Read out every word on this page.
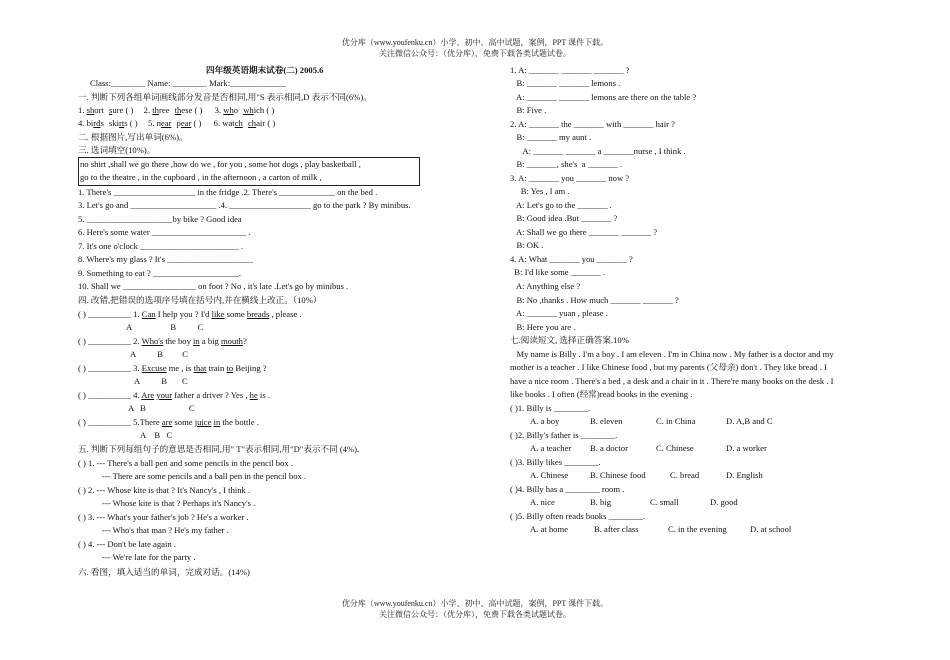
优分库（www.youfenku.cn）小学、初中、高中试题，案例，PPT 课件下载。
关注微信公众号：（优分库），免费下载各类试题试卷。
四年级英语期末试卷(二) 2005.6
Class:________ Name: ________ Mark:_____________
一. 判断下列各组单词画线部分发音是否相同,用"S 表示相同,D 表示不同(6%)。
1. short sure ( ) 2. three these ( ) 3. who which ( )
4. birds skirts ( ) 5. near pear ( ) 6. watch chair ( )
二. 根据图片,写出单词(6%)。
三. 选词填空(10%)。
no shirt ,shall we go there ,how do we , for you , some hot dogs , play basketball ,
go to the theatre , in the cupboard , in the afternoon , a carton of milk ,
1. There's ___________________ in the fridge .2. There's _____________ on the bed .
3. Let's go and ____________________ .4. ___________________ go to the park ? By minibus.
5. ____________________by bike ? Good idea
6. Here's some water ______________________ .
7. It's one o'clock _______________________ .
8. Where's my glass ? It's ____________________
9. Something to eat ? ____________________.
10. Shall we _________________ on foot ? No , it's late .Let's go by minibus .
四. 改错,把错误的选项序号填在括号内,并在横线上改正。（10%）
( ) __________ 1. Can I help you ? I'd like some breads , please .
A                  B          C
( ) __________ 2. Who's the boy in a big mouth?
A          B         C
( ) __________ 3. Excuse me , is that train to Beijing ?
A          B       C
( ) __________ 4. Are your father a driver ? Yes , he is .
A   B                    C
( ) __________ 5.There are some juice in the bottle .
A    B   C
五. 判断下列每组句子的意思是否相同,用" T"表示相同,用"D"表示不同 (4%).
( ) 1. --- There's a ball pen and some pencils in the pencil box .
--- There are some pencils and a ball pen in the pencil box .
( ) 2. --- Whose kite is that ? It's Nancy's , I think .
--- Whose kite is that ? Perhaps it's Nancy's .
( ) 3. --- What's your father's job ? He's a worker .
--- Who's that man ? He's my father .
( ) 4. --- Don't be late again .
--- We're late for the party .
六. 看图，填入适当的单词，完成对话。(14%)
1. A: _______ _______ _______ ?
B: _______ _______ lemons .
A: _______ _______ lemons are there on the table ?
B: Five .
2. A: _______ the _______ with _______ hair ?
B: _______ my aunt .
A: _______ _______ a _______nurse , I think .
B: _______, she's  a _______ .
3. A: _______ you _______ now ?
B: Yes , I am .
A: Let's go to the _______ .
B: Good idea .But _______ ?
A: Shall we go there _______ _______ ?
B: OK .
4. A: What _______ you _______ ?
B: I'd like some _______ .
A: Anything else ?
B: No ,thanks . How much _______ _______ ?
A: _______ yuan , please .
B: Here you are .
七.阅读短文, 选择正确答案.10%
My name is Billy . I'm a boy . I am eleven . I'm in China now . My father is a doctor and my
mother is a teacher . I like Chinese food , but my parents (父母亲) don't . They like bread . I
have a nice room . There's a bed , a desk and a chair in it . There're many books on the desk . I
like books . I often (经常)read books in the evening .
( )1. Billy is ________.
A. a boy	B. eleven	C. in China	D. A,B and C
( )2. Billy's father is ________.
A. a teacher B. a doctor	C. Chinese	D. a worker
( )3. Billy likes ________.
A. Chinese	B. Chinese food	C. bread	D. English
( )4. Billy has a ________ room .
A. nice	B. big	C. small	D. good
( )5. Billy often reads books ________.
A. at home	B. after class	C. in the evening	D. at school
优分库（www.youfenku.cn）小学、初中、高中试题，案例，PPT 课件下载。
关注微信公众号：（优分库），免费下载各类试题试卷。
